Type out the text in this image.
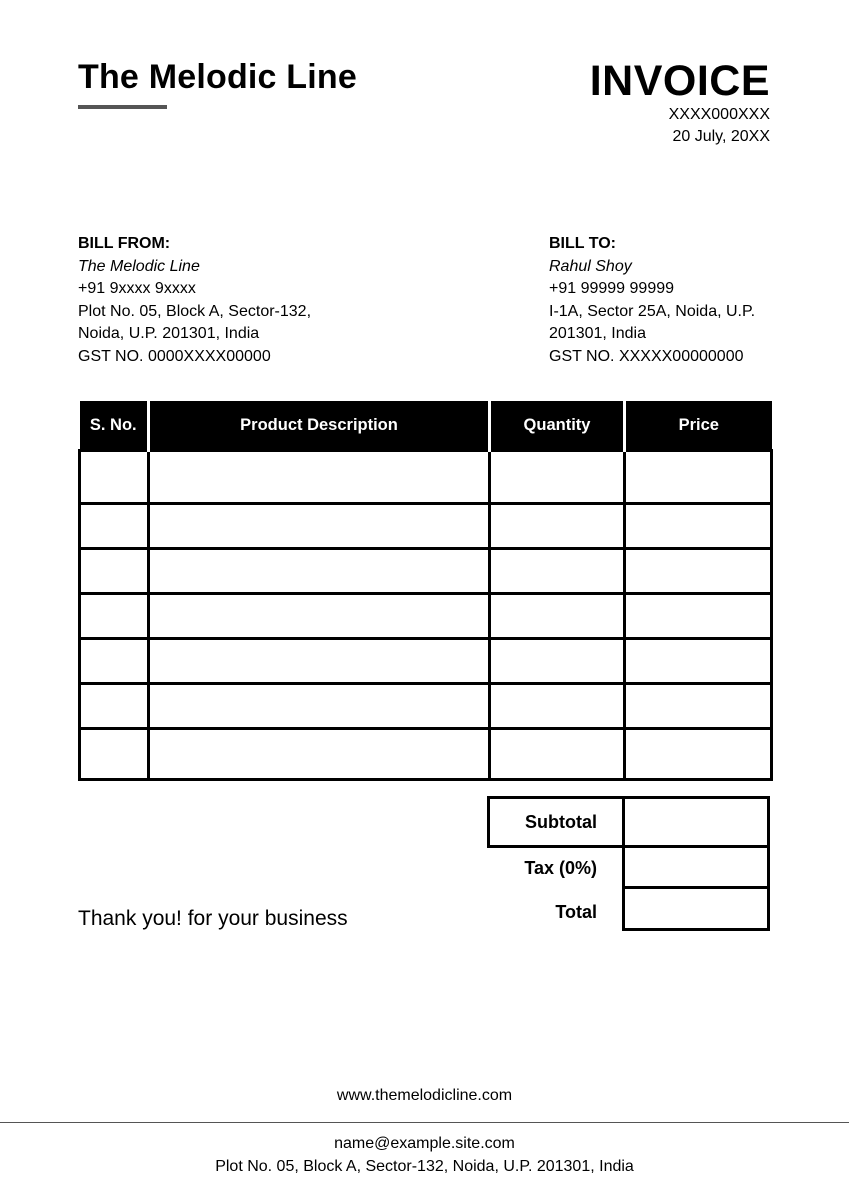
The Melodic Line	INVOICE
XXXX000XXX
20 July, 20XX
BILL FROM:
The Melodic Line
+91 9xxxx 9xxxx
Plot No. 05, Block A, Sector-132,
Noida, U.P. 201301, India
GST NO. 0000XXXX00000
BILL TO:
Rahul Shoy
+91 99999 99999
I-1A, Sector 25A, Noida, U.P.
201301, India
GST NO. XXXXX00000000
S. No.	Product Description	Quantity	Price

Subtotal
Tax (0%)
Total
Thank you! for your business
www.themelodicline.com
name@example.site.com
Plot No. 05, Block A, Sector-132, Noida, U.P. 201301, India
